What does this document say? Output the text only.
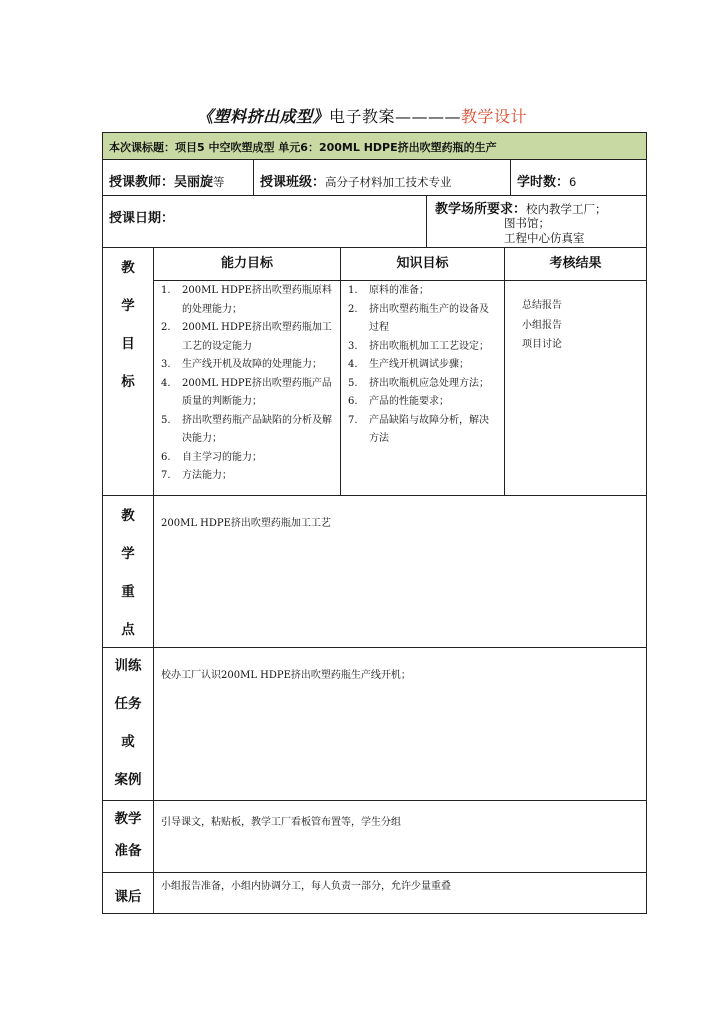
《塑料挤出成型》电子教案————教学设计
本次课标题：项目5 中空吹塑成型 单元6：200ML HDPE挤出吹塑药瓶的生产
授课教师：吴丽旋等	授课班级：高分子材料加工技术专业	学时数：6
授课日期：
教学场所要求：校内教学工厂；
图书馆；
工程中心仿真室
教
学
目
标
能力目标
1. 200ML HDPE挤出吹塑药瓶原料的处理能力；
2. 200ML HDPE挤出吹塑药瓶加工工艺的设定能力
3. 生产线开机及故障的处理能力；
4. 200ML HDPE挤出吹塑药瓶产品质量的判断能力；
5. 挤出吹塑药瓶产品缺陷的分析及解决能力；
6. 自主学习的能力；
7. 方法能力；
知识目标
1. 原料的准备；
2. 挤出吹塑药瓶生产的设备及过程
3. 挤出吹瓶机加工工艺设定；
4. 生产线开机调试步骤；
5. 挤出吹瓶机应急处理方法；
6. 产品的性能要求；
7. 产品缺陷与故障分析，解决方法
考核结果
总结报告
小组报告
项目讨论
教
学
重
点
200ML HDPE挤出吹塑药瓶加工工艺
训练
任务
或
案例
校办工厂认识200ML HDPE挤出吹塑药瓶生产线开机；
教学
准备
引导课文，粘贴板，教学工厂看板管布置等，学生分组
课后
小组报告准备，小组内协调分工，每人负责一部分，允许少量重叠
